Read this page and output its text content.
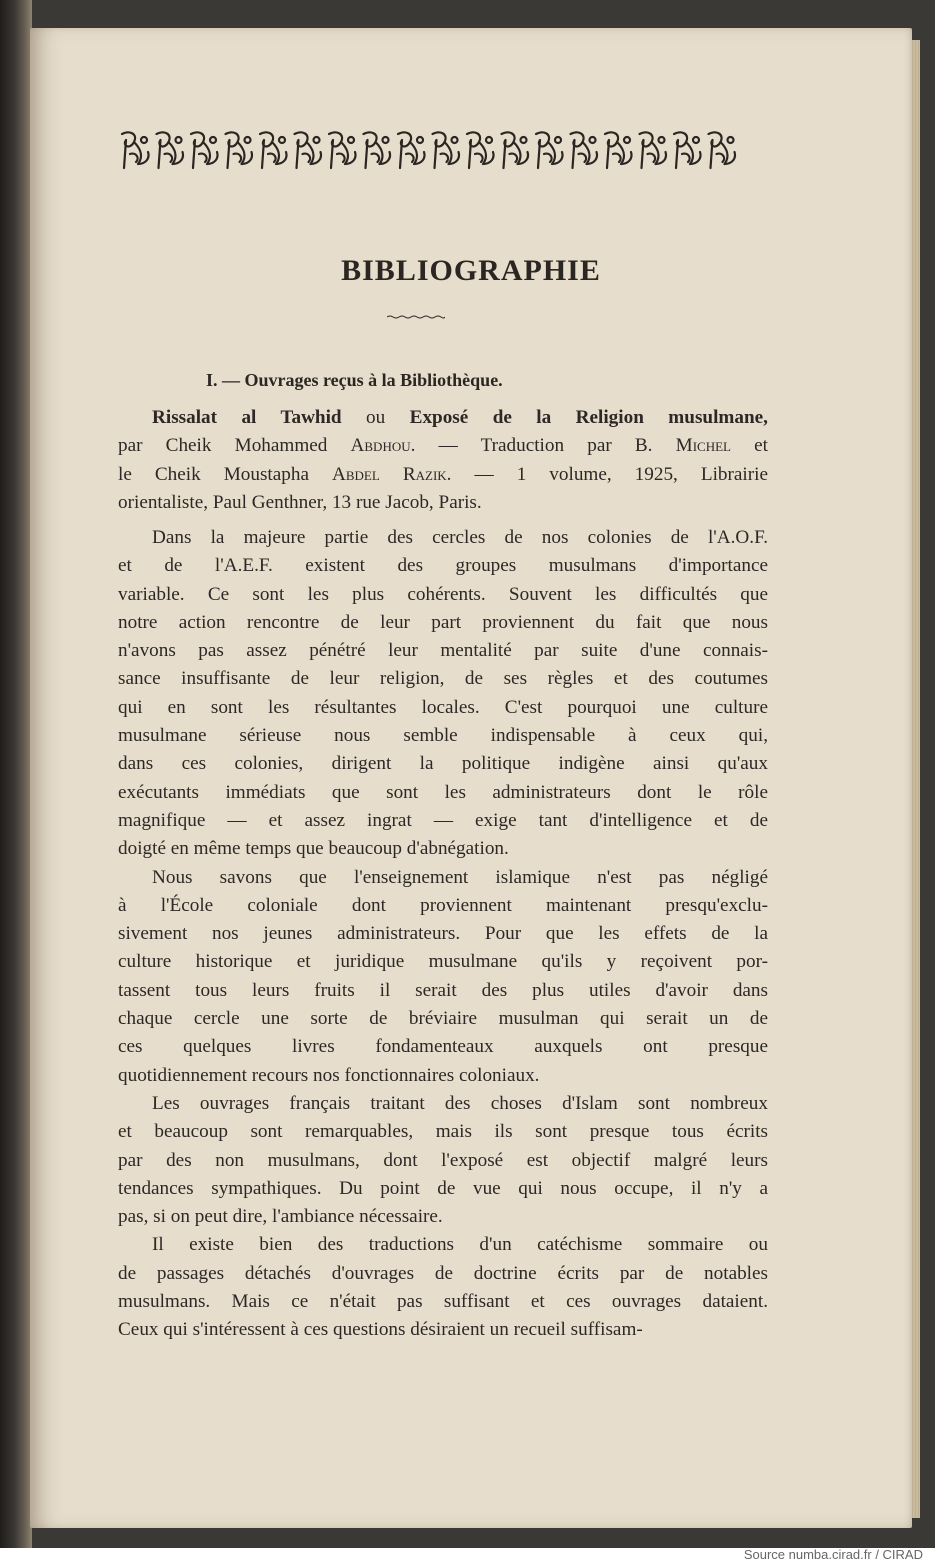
BIBLIOGRAPHIE
I. — Ouvrages reçus à la Bibliothèque.
Rissalat al Tawhid ou Exposé de la Religion musulmane,
par Cheik Mohammed Abdhou. — Traduction par B. Michel et
le Cheik Moustapha Abdel Razik. — 1 volume, 1925, Librairie
orientaliste, Paul Genthner, 13 rue Jacob, Paris.
Dans la majeure partie des cercles de nos colonies de l'A.O.F.
et de l'A.E.F. existent des groupes musulmans d'importance
variable. Ce sont les plus cohérents. Souvent les difficultés que
notre action rencontre de leur part proviennent du fait que nous
n'avons pas assez pénétré leur mentalité par suite d'une connais-
sance insuffisante de leur religion, de ses règles et des coutumes
qui en sont les résultantes locales. C'est pourquoi une culture
musulmane sérieuse nous semble indispensable à ceux qui,
dans ces colonies, dirigent la politique indigène ainsi qu'aux
exécutants immédiats que sont les administrateurs dont le rôle
magnifique — et assez ingrat — exige tant d'intelligence et de
doigté en même temps que beaucoup d'abnégation.
Nous savons que l'enseignement islamique n'est pas négligé
à l'École coloniale dont proviennent maintenant presqu'exclu-
sivement nos jeunes administrateurs. Pour que les effets de la
culture historique et juridique musulmane qu'ils y reçoivent por-
tassent tous leurs fruits il serait des plus utiles d'avoir dans
chaque cercle une sorte de bréviaire musulman qui serait un de
ces quelques livres fondamenteaux auxquels ont presque
quotidiennement recours nos fonctionnaires coloniaux.
Les ouvrages français traitant des choses d'Islam sont nombreux
et beaucoup sont remarquables, mais ils sont presque tous écrits
par des non musulmans, dont l'exposé est objectif malgré leurs
tendances sympathiques. Du point de vue qui nous occupe, il n'y a
pas, si on peut dire, l'ambiance nécessaire.
Il existe bien des traductions d'un catéchisme sommaire ou
de passages détachés d'ouvrages de doctrine écrits par de notables
musulmans. Mais ce n'était pas suffisant et ces ouvrages dataient.
Ceux qui s'intéressent à ces questions désiraient un recueil suffisam-
Source numba.cirad.fr / CIRAD
